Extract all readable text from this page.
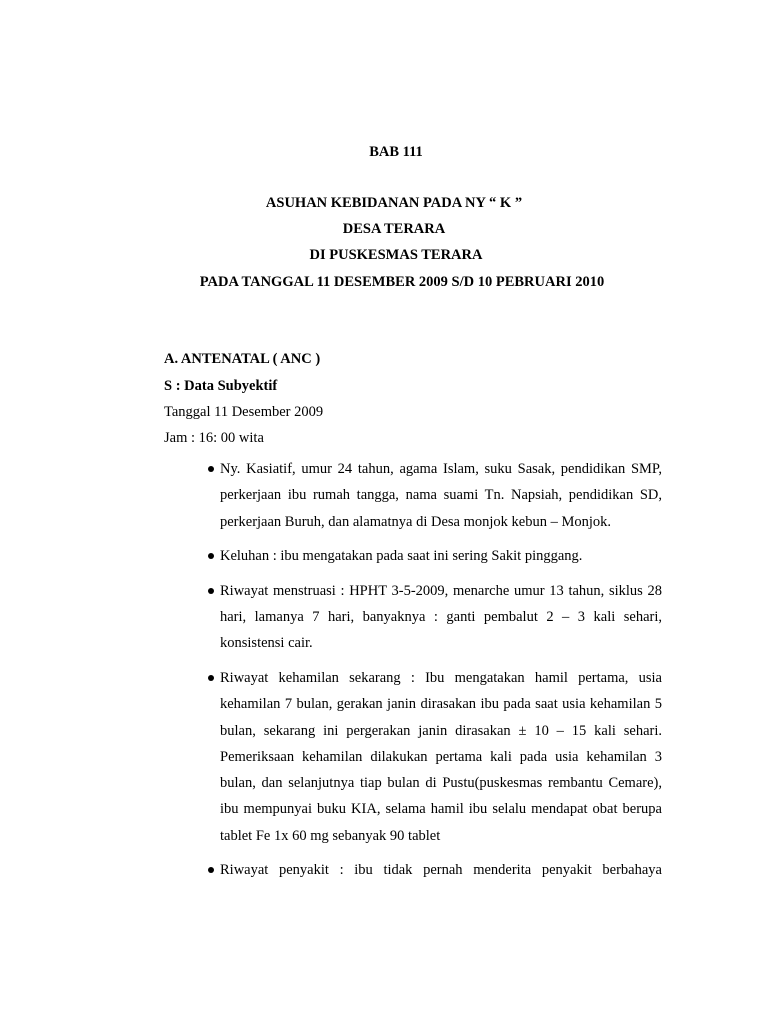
BAB 111
ASUHAN KEBIDANAN PADA NY “ K ”
DESA TERARA
DI PUSKESMAS TERARA
PADA TANGGAL 11 DESEMBER 2009 S/D 10 PEBRUARI 2010
A. ANTENATAL ( ANC )
S : Data Subyektif
Tanggal 11 Desember 2009
Jam : 16: 00 wita
Ny. Kasiatif, umur 24 tahun, agama Islam, suku Sasak, pendidikan SMP, perkerjaan ibu rumah tangga, nama suami Tn. Napsiah, pendidikan SD, perkerjaan Buruh, dan alamatnya di Desa monjok kebun – Monjok.
Keluhan : ibu mengatakan pada saat ini sering Sakit pinggang.
Riwayat menstruasi : HPHT 3-5-2009, menarche umur 13 tahun, siklus 28 hari, lamanya 7 hari, banyaknya : ganti pembalut 2 – 3 kali sehari, konsistensi cair.
Riwayat kehamilan sekarang : Ibu mengatakan hamil pertama, usia kehamilan 7 bulan, gerakan janin dirasakan ibu pada saat usia kehamilan 5 bulan, sekarang ini pergerakan janin dirasakan ± 10 – 15 kali sehari. Pemeriksaan kehamilan dilakukan pertama kali pada usia kehamilan 3 bulan, dan selanjutnya tiap bulan di Pustu(puskesmas rembantu Cemare), ibu mempunyai buku KIA, selama hamil ibu selalu mendapat obat berupa tablet Fe 1x 60 mg sebanyak 90 tablet
Riwayat penyakit : ibu tidak pernah menderita penyakit berbahaya
